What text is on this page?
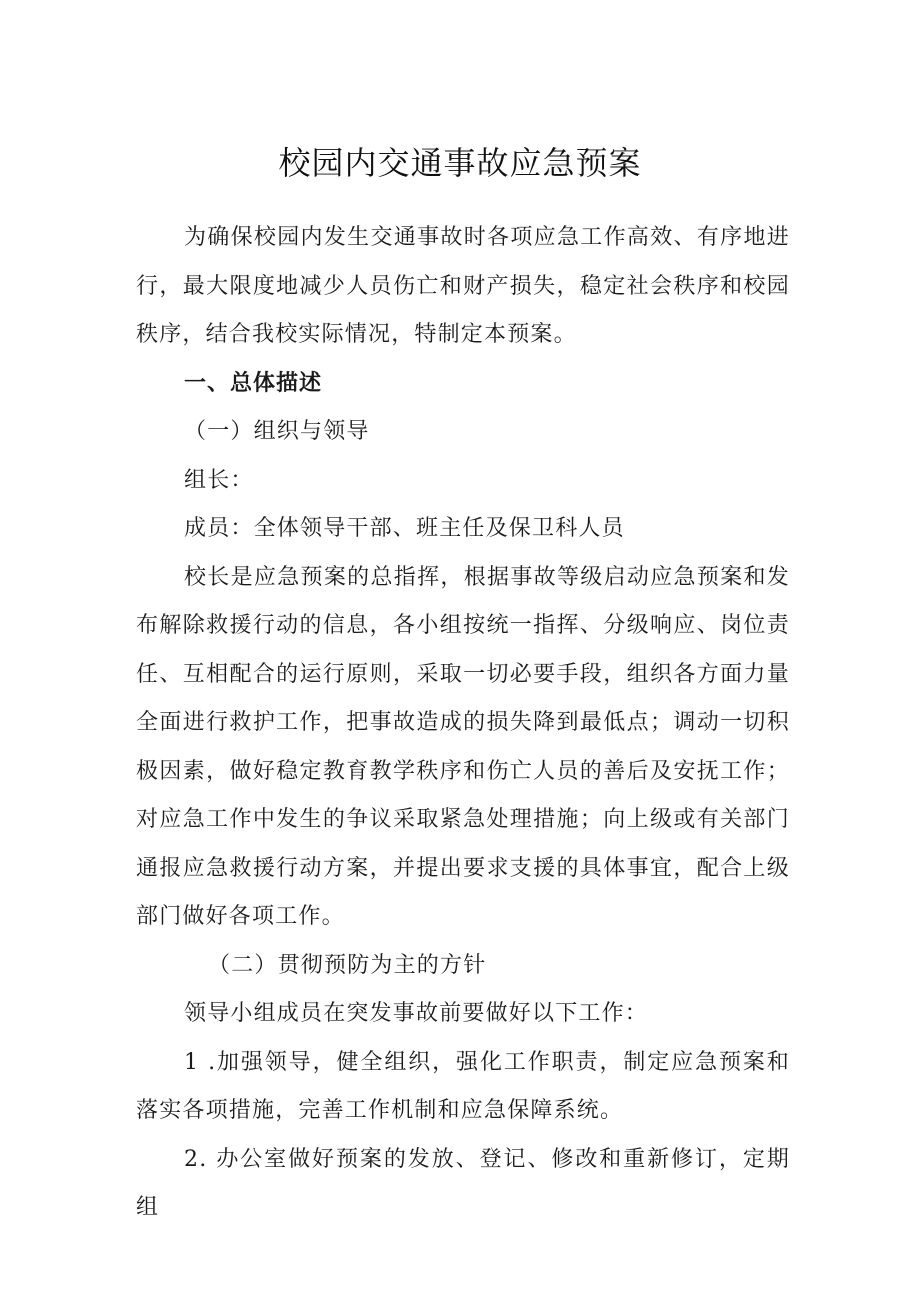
校园内交通事故应急预案

为确保校园内发生交通事故时各项应急工作高效、有序地进行，最大限度地减少人员伤亡和财产损失，稳定社会秩序和校园秩序，结合我校实际情况，特制定本预案。

一、总体描述

（一）组织与领导

组长：

成员：全体领导干部、班主任及保卫科人员

校长是应急预案的总指挥，根据事故等级启动应急预案和发布解除救援行动的信息，各小组按统一指挥、分级响应、岗位责任、互相配合的运行原则，采取一切必要手段，组织各方面力量全面进行救护工作，把事故造成的损失降到最低点；调动一切积极因素，做好稳定教育教学秩序和伤亡人员的善后及安抚工作；对应急工作中发生的争议采取紧急处理措施；向上级或有关部门通报应急救援行动方案，并提出要求支援的具体事宜，配合上级部门做好各项工作。

（二）贯彻预防为主的方针

领导小组成员在突发事故前要做好以下工作：

1 .加强领导，健全组织，强化工作职责，制定应急预案和落实各项措施，完善工作机制和应急保障系统。

2. 办公室做好预案的发放、登记、修改和重新修订，定期组
